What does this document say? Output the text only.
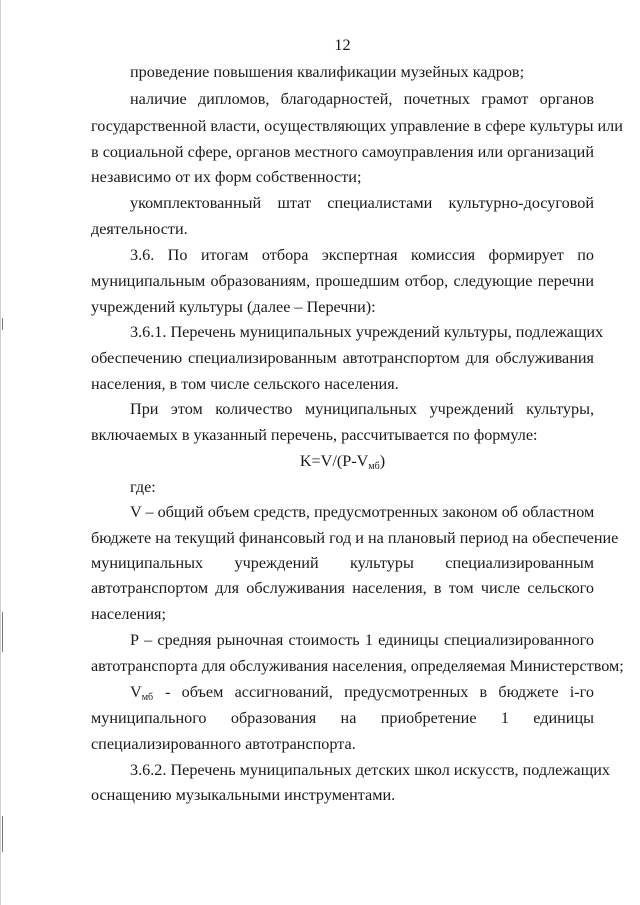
12
проведение повышения квалификации музейных кадров;
наличие дипломов, благодарностей, почетных грамот органов
государственной власти, осуществляющих управление в сфере культуры или
в социальной сфере, органов местного самоуправления или организаций
независимо от их форм собственности;
укомплектованный штат специалистами культурно-досуговой
деятельности.
3.6. По итогам отбора экспертная комиссия формирует по
муниципальным образованиям, прошедшим отбор, следующие перечни
учреждений культуры (далее – Перечни):
3.6.1. Перечень муниципальных учреждений культуры, подлежащих
обеспечению специализированным автотранспортом для обслуживания
населения, в том числе сельского населения.
При этом количество муниципальных учреждений культуры,
включаемых в указанный перечень, рассчитывается по формуле:
$K=V/(P-V_{мб})$
где:
V – общий объем средств, предусмотренных законом об областном
бюджете на текущий финансовый год и на плановый период на обеспечение
муниципальных учреждений культуры специализированным
автотранспортом для обслуживания населения, в том числе сельского
населения;
Р – средняя рыночная стоимость 1 единицы специализированного
автотранспорта для обслуживания населения, определяемая Министерством;
$V_{мб}$ - объем ассигнований, предусмотренных в бюджете i-го
муниципального образования на приобретение 1 единицы
специализированного автотранспорта.
3.6.2. Перечень муниципальных детских школ искусств, подлежащих
оснащению музыкальными инструментами.
